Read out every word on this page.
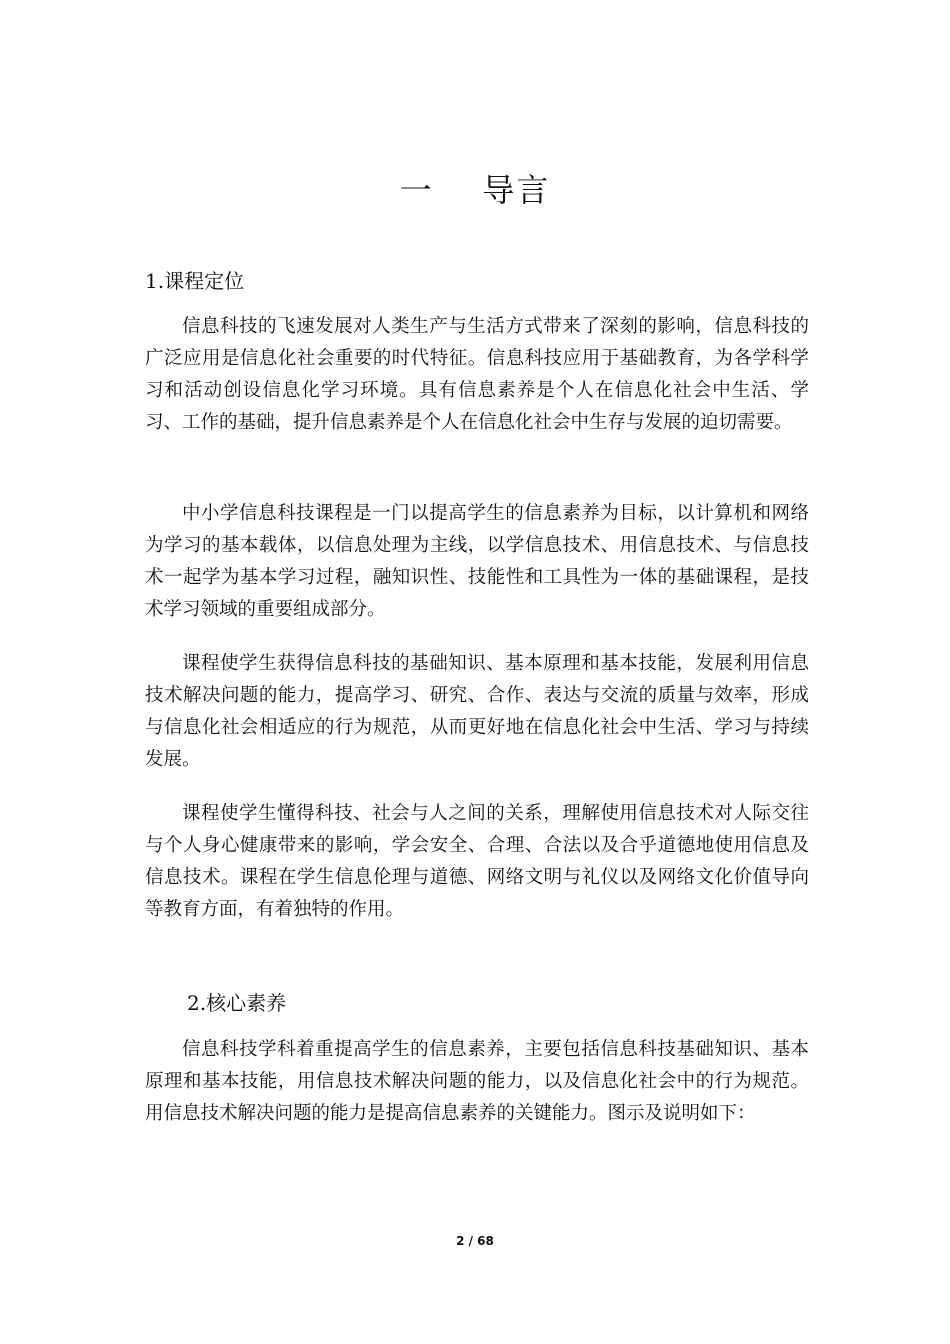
一    导言
1.课程定位

信息科技的飞速发展对人类生产与生活方式带来了深刻的影响，信息科技的广泛应用是信息化社会重要的时代特征。信息科技应用于基础教育，为各学科学习和活动创设信息化学习环境。具有信息素养是个人在信息化社会中生活、学习、工作的基础，提升信息素养是个人在信息化社会中生存与发展的迫切需要。

中小学信息科技课程是一门以提高学生的信息素养为目标，以计算机和网络为学习的基本载体，以信息处理为主线，以学信息技术、用信息技术、与信息技术一起学为基本学习过程，融知识性、技能性和工具性为一体的基础课程，是技术学习领域的重要组成部分。

课程使学生获得信息科技的基础知识、基本原理和基本技能，发展利用信息技术解决问题的能力，提高学习、研究、合作、表达与交流的质量与效率，形成与信息化社会相适应的行为规范，从而更好地在信息化社会中生活、学习与持续发展。

课程使学生懂得科技、社会与人之间的关系，理解使用信息技术对人际交往与个人身心健康带来的影响，学会安全、合理、合法以及合乎道德地使用信息及信息技术。课程在学生信息伦理与道德、网络文明与礼仪以及网络文化价值导向等教育方面，有着独特的作用。

2.核心素养

信息科技学科着重提高学生的信息素养，主要包括信息科技基础知识、基本原理和基本技能，用信息技术解决问题的能力，以及信息化社会中的行为规范。用信息技术解决问题的能力是提高信息素养的关键能力。图示及说明如下：

2 / 68
